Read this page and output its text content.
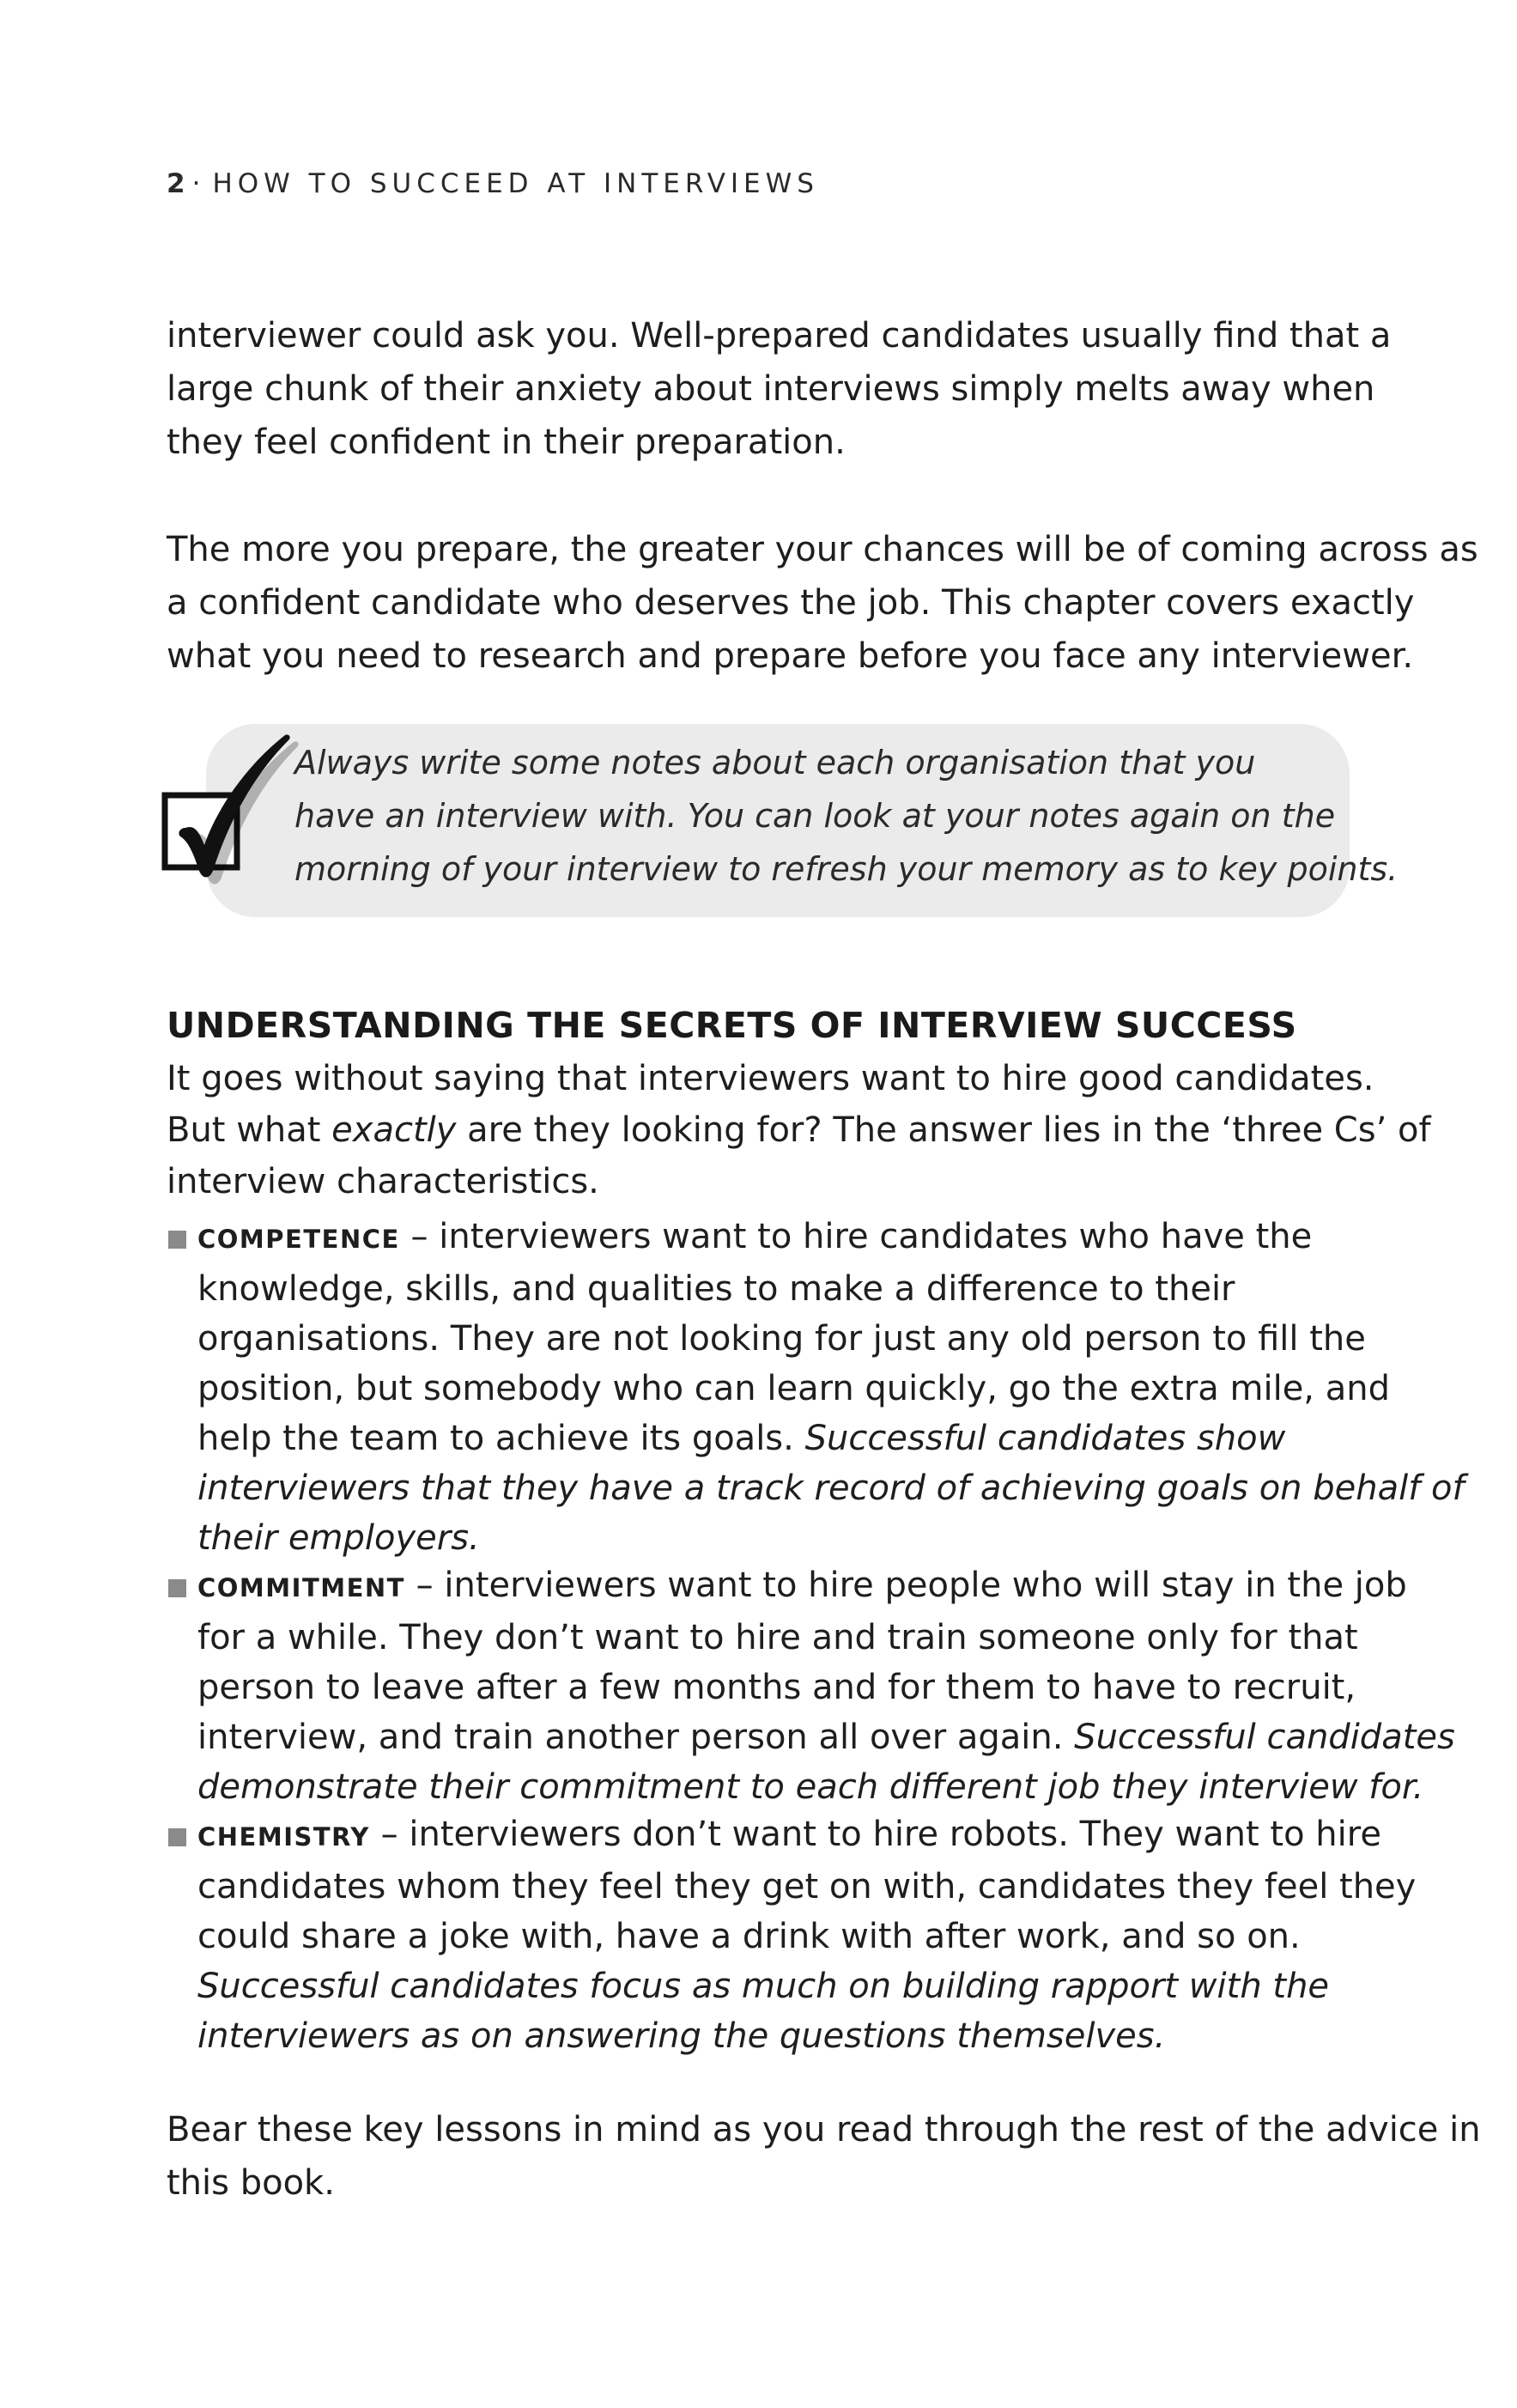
2 · HOW TO SUCCEED AT INTERVIEWS

interviewer could ask you. Well-prepared candidates usually find that a
large chunk of their anxiety about interviews simply melts away when
they feel confident in their preparation.

The more you prepare, the greater your chances will be of coming across as
a confident candidate who deserves the job. This chapter covers exactly
what you need to research and prepare before you face any interviewer.

Always write some notes about each organisation that you
have an interview with. You can look at your notes again on the
morning of your interview to refresh your memory as to key points.

UNDERSTANDING THE SECRETS OF INTERVIEW SUCCESS

It goes without saying that interviewers want to hire good candidates.
But what exactly are they looking for? The answer lies in the ‘three Cs’ of
interview characteristics.

COMPETENCE – interviewers want to hire candidates who have the
knowledge, skills, and qualities to make a difference to their
organisations. They are not looking for just any old person to fill the
position, but somebody who can learn quickly, go the extra mile, and
help the team to achieve its goals. Successful candidates show
interviewers that they have a track record of achieving goals on behalf of
their employers.
COMMITMENT – interviewers want to hire people who will stay in the job
for a while. They don’t want to hire and train someone only for that
person to leave after a few months and for them to have to recruit,
interview, and train another person all over again. Successful candidates
demonstrate their commitment to each different job they interview for.
CHEMISTRY – interviewers don’t want to hire robots. They want to hire
candidates whom they feel they get on with, candidates they feel they
could share a joke with, have a drink with after work, and so on.
Successful candidates focus as much on building rapport with the
interviewers as on answering the questions themselves.

Bear these key lessons in mind as you read through the rest of the advice in
this book.
